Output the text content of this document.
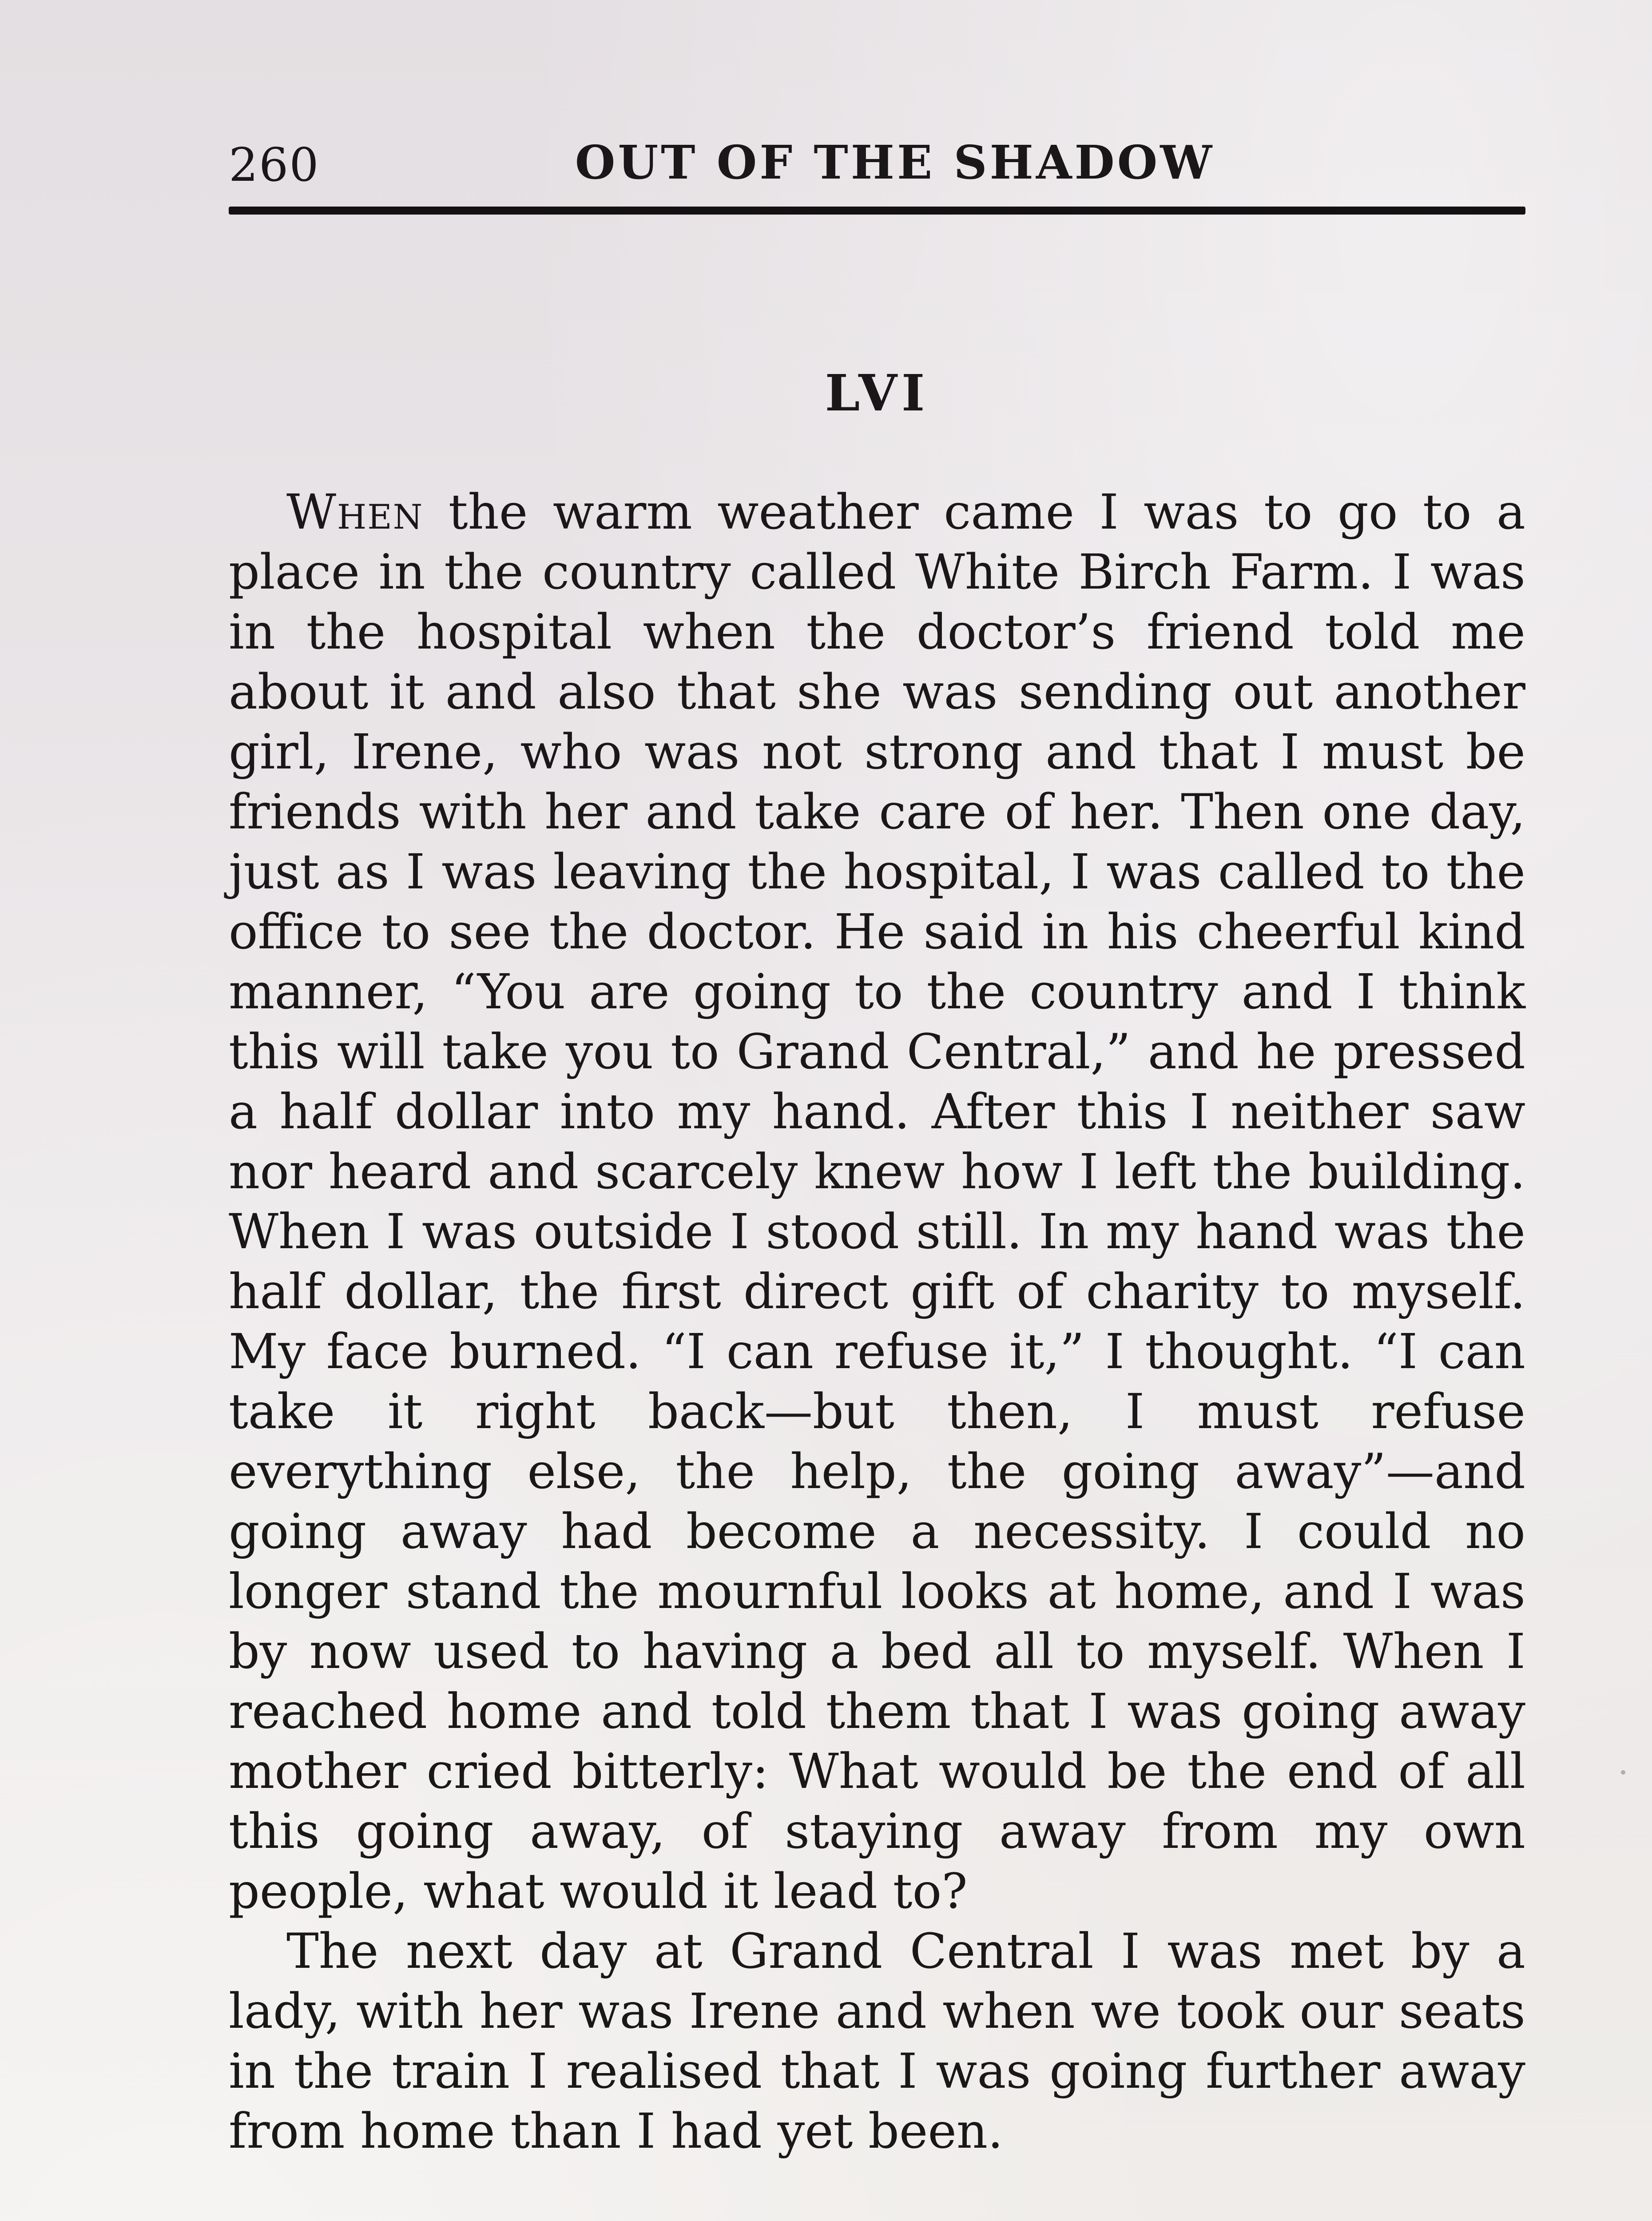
260	OUT OF THE SHADOW
LVI

When the warm weather came I was to go to a place in the country called White Birch Farm. I was in the hospital when the doctor’s friend told me about it and also that she was sending out another girl, Irene, who was not strong and that I must be friends with her and take care of her. Then one day, just as I was leaving the hospital, I was called to the office to see the doctor. He said in his cheerful kind manner, “You are going to the country and I think this will take you to Grand Central,” and he pressed a half dollar into my hand. After this I neither saw nor heard and scarcely knew how I left the building. When I was outside I stood still. In my hand was the half dollar, the first direct gift of charity to myself. My face burned. “I can refuse it,” I thought. “I can take it right back—but then, I must refuse everything else, the help, the going away”—and going away had become a necessity. I could no longer stand the mournful looks at home, and I was by now used to having a bed all to myself. When I reached home and told them that I was going away mother cried bitterly: What would be the end of all this going away, of staying away from my own people, what would it lead to?

The next day at Grand Central I was met by a lady, with her was Irene and when we took our seats in the train I realised that I was going further away from home than I had yet been.
